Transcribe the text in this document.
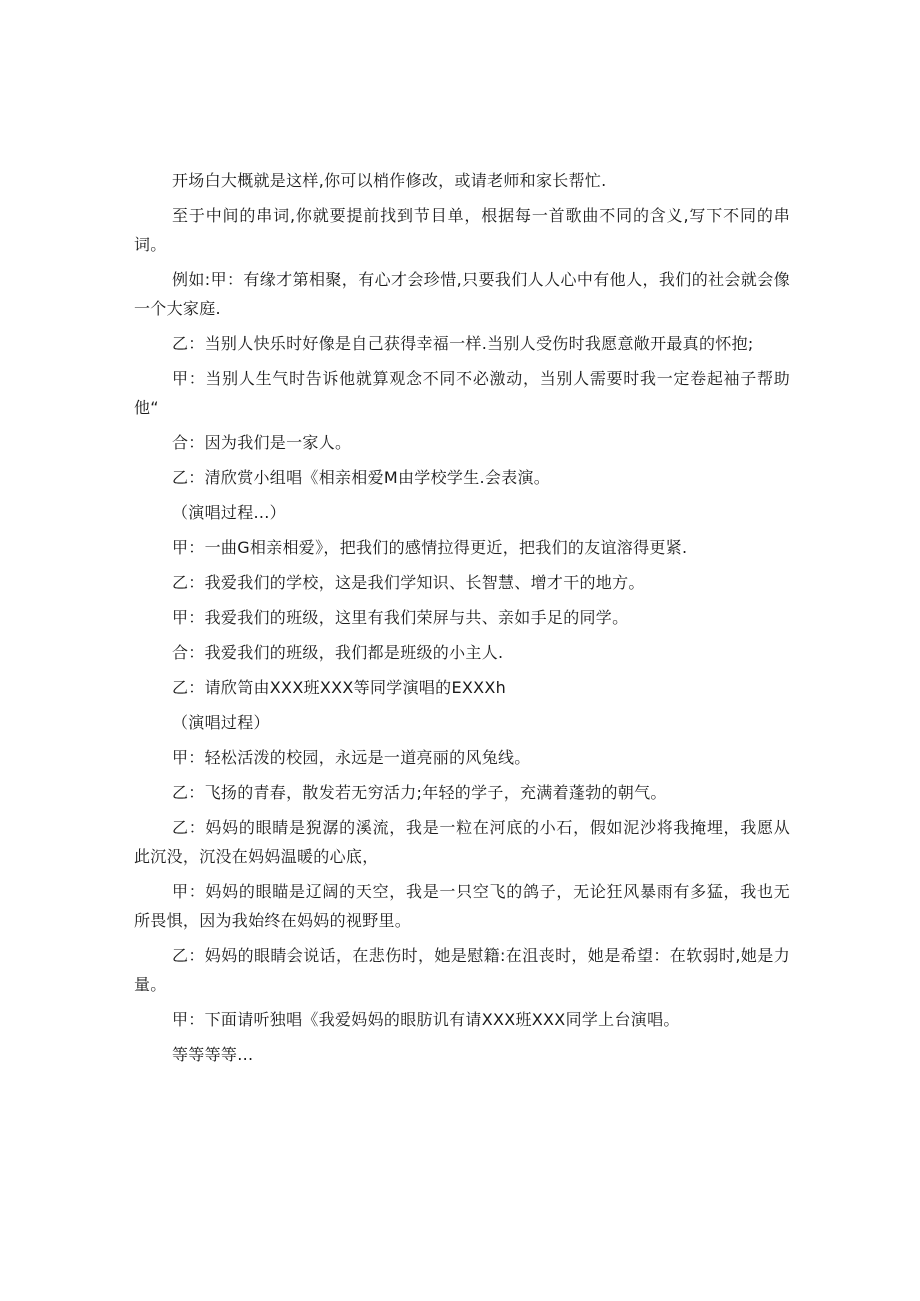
开场白大概就是这样,你可以梢作修改，或请老师和家长帮忙.

至于中间的串词,你就要提前找到节目单，根据每一首歌曲不同的含义,写下不同的串词。

例如:甲：有缘才第相聚，有心才会珍惜,只要我们人人心中有他人，我们的社会就会像一个大家庭.

乙：当别人快乐时好像是自己获得幸福一样.当别人受伤时我愿意敞开最真的怀抱;

甲：当别人生气时告诉他就算观念不同不必激动，当别人需要时我一定卷起袖子帮助他“

合：因为我们是一家人。

乙：清欣赏小组唱《相亲相爱M由学校学生.会表演。

（演唱过程...）

甲：一曲G相亲相爱》，把我们的感情拉得更近，把我们的友谊溶得更紧.

乙：我爱我们的学校，这是我们学知识、长智慧、增才干的地方。

甲：我爱我们的班级，这里有我们荣屏与共、亲如手足的同学。

合：我爱我们的班级，我们都是班级的小主人.

乙：请欣笥由XXX班XXX等同学演唱的EXXXh

（演唱过程）

甲：轻松活泼的校园，永远是一道亮丽的风兔线。

乙：飞扬的青春，散发若无穷活力;年轻的学子，充满着蓬勃的朝气。

乙：妈妈的眼睛是猊潺的溪流，我是一粒在河底的小石，假如泥沙将我掩埋，我愿从此沉没，沉没在妈妈温暖的心底，

甲：妈妈的眼瞄是辽阔的天空，我是一只空飞的鸽子，无论狂风暴雨有多猛，我也无所畏惧，因为我始终在妈妈的视野里。

乙：妈妈的眼睛会说话，在悲伤时，她是慰籍:在沮丧时，她是希望：在软弱时,她是力量。

甲：下面请听独唱《我爱妈妈的眼肪讥有请XXX班XXX同学上台演唱。

等等等等...
